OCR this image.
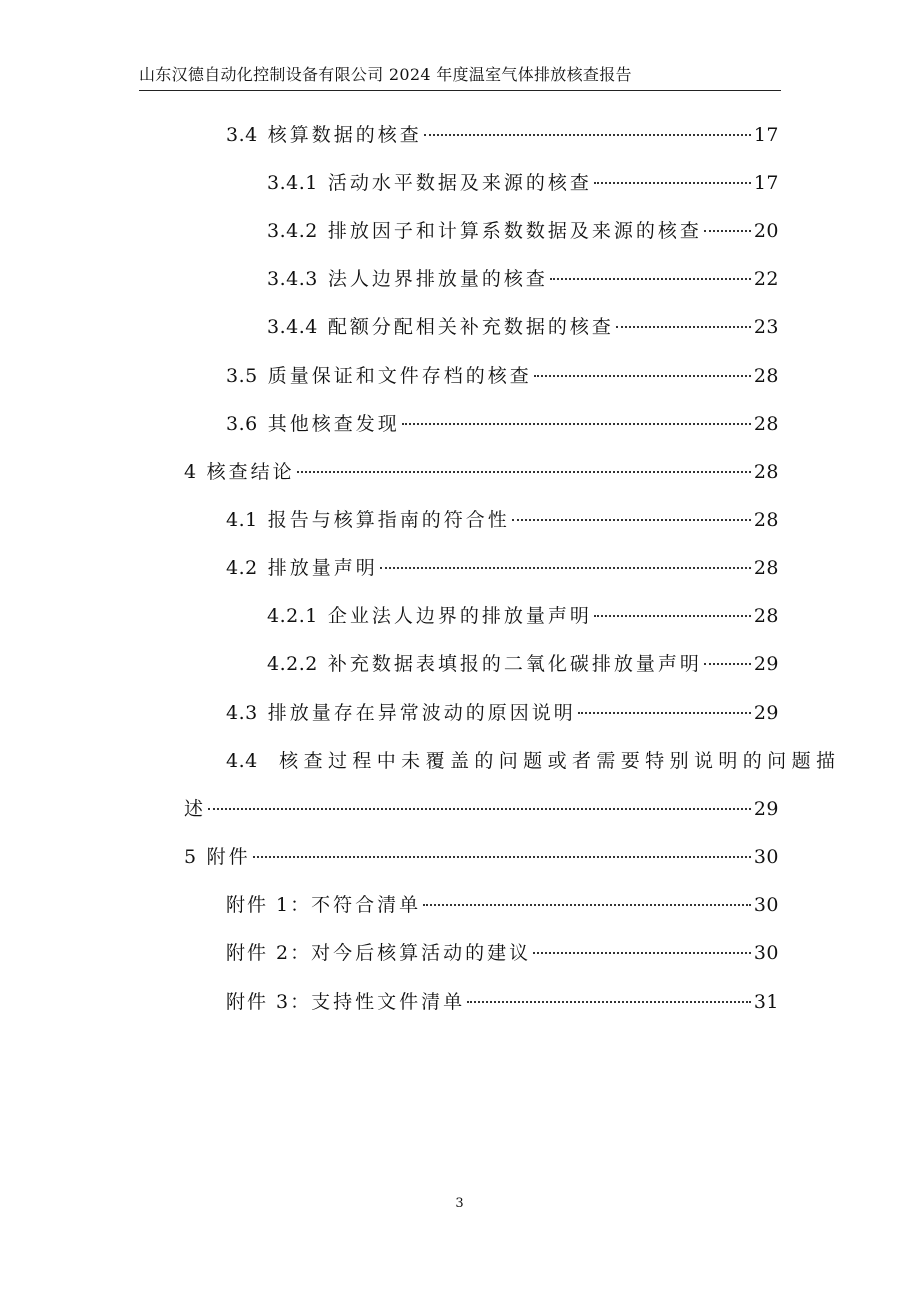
山东汉德自动化控制设备有限公司 2024 年度温室气体排放核查报告
3.4 核算数据的核查	17
3.4.1 活动水平数据及来源的核查	17
3.4.2 排放因子和计算系数数据及来源的核查	20
3.4.3 法人边界排放量的核查	22
3.4.4 配额分配相关补充数据的核查	23
3.5 质量保证和文件存档的核查	28
3.6 其他核查发现	28
4 核查结论	28
4.1 报告与核算指南的符合性	28
4.2 排放量声明	28
4.2.1 企业法人边界的排放量声明	28
4.2.2 补充数据表填报的二氧化碳排放量声明	29
4.3 排放量存在异常波动的原因说明	29
4.4 核查过程中未覆盖的问题或者需要特别说明的问题描
述	29
5 附件	30
附件 1： 不符合清单	30
附件 2： 对今后核算活动的建议	30
附件 3： 支持性文件清单	31
3
